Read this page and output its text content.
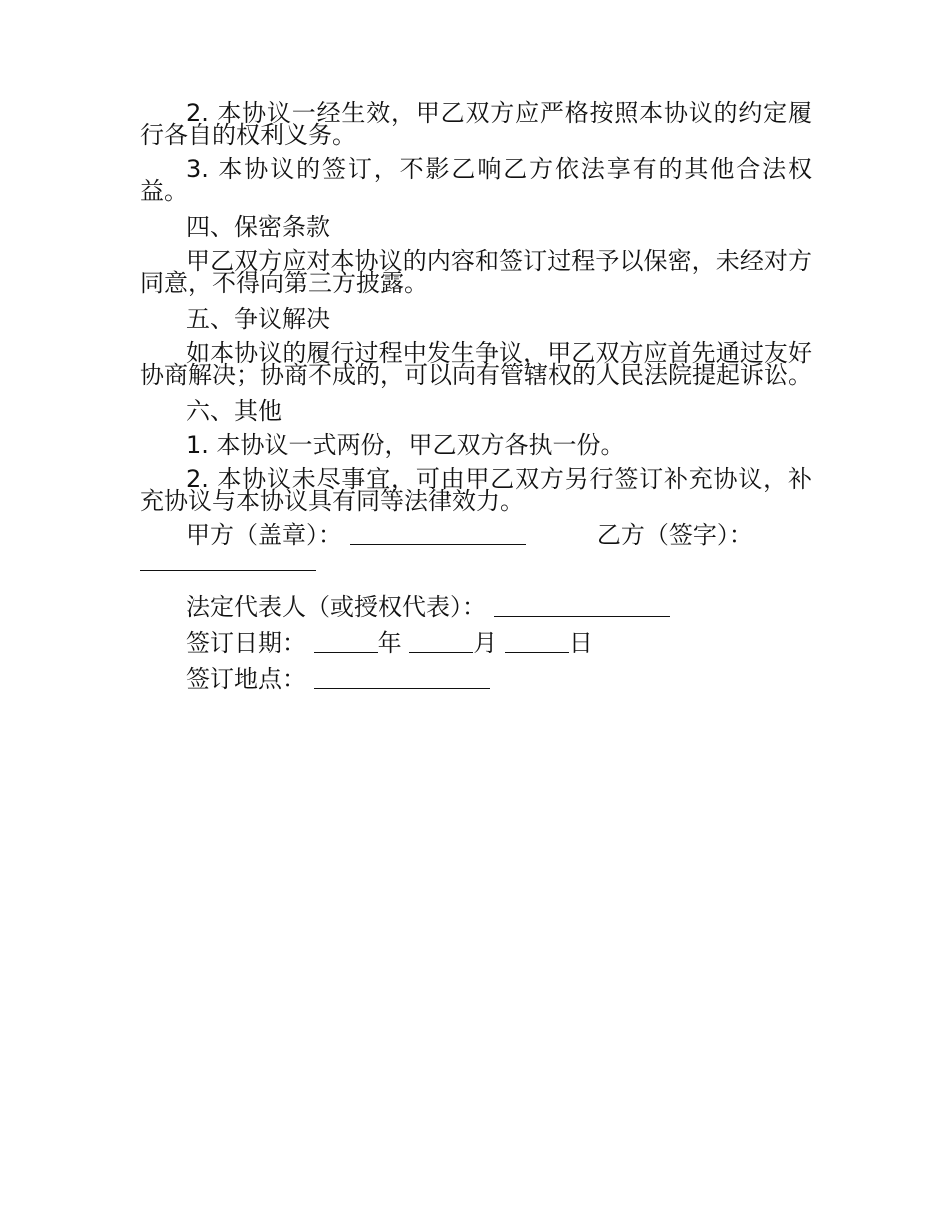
2. 本协议一经生效，甲乙双方应严格按照本协议的约定履行各自的权利义务。

3. 本协议的签订，不影乙响乙方依法享有的其他合法权益。

四、保密条款

甲乙双方应对本协议的内容和签订过程予以保密，未经对方同意，不得向第三方披露。

五、争议解决

如本协议的履行过程中发生争议，甲乙双方应首先通过友好协商解决；协商不成的，可以向有管辖权的人民法院提起诉讼。

六、其他

1. 本协议一式两份，甲乙双方各执一份。

2. 本协议未尽事宜，可由甲乙双方另行签订补充协议，补充协议与本协议具有同等法律效力。

甲方（盖章）：	乙方（签字）：
法定代表人（或授权代表）：
签订日期：	年	月	日
签订地点：
